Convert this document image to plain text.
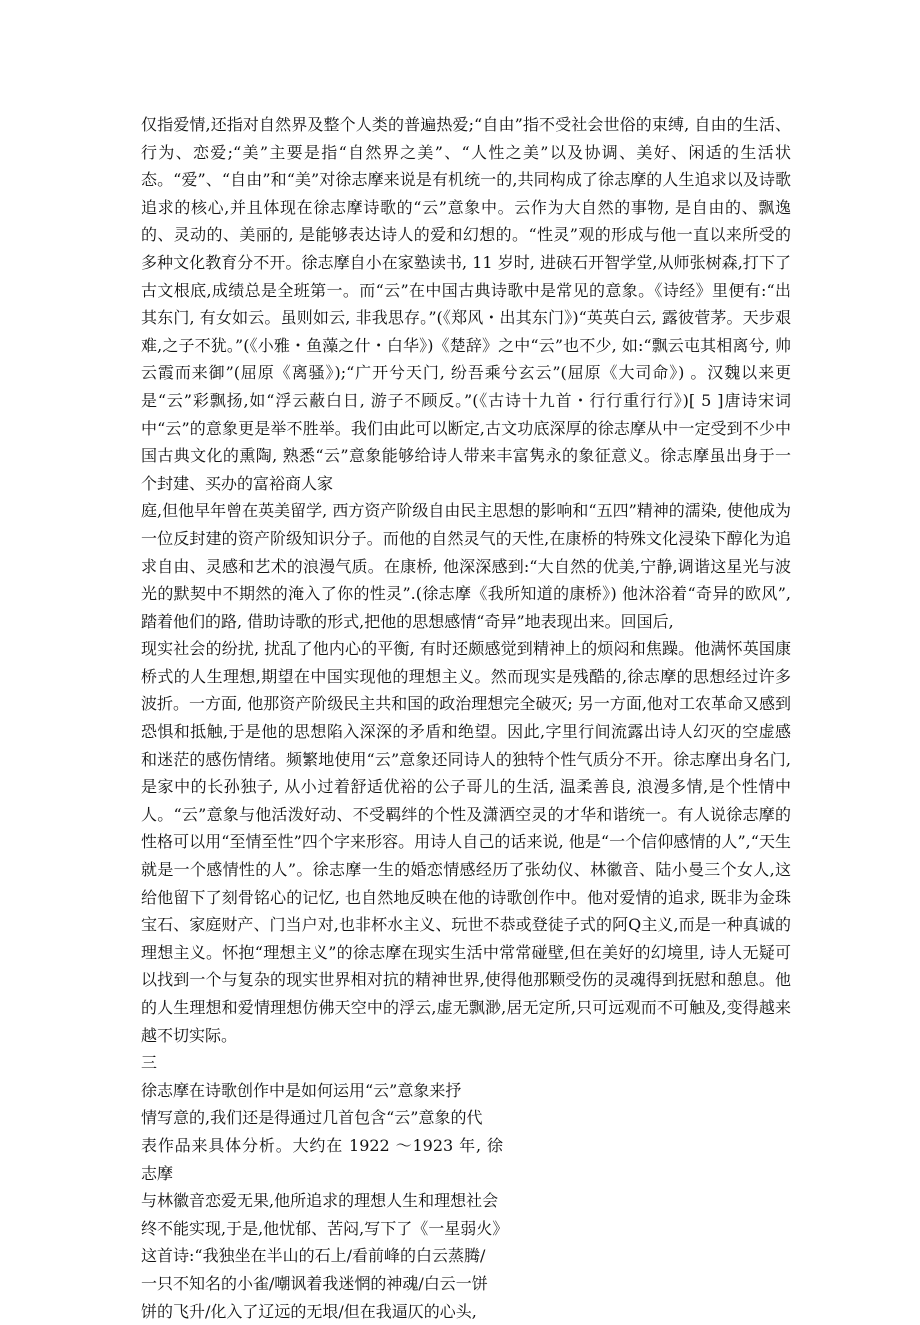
仅指爱情,还指对自然界及整个人类的普遍热爱;“自由”指不受社会世俗的束缚, 自由的生活、行为、恋爱;“美”主要是指“自然界之美”、“人性之美”以及协调、美好、闲适的生活状态。“爱”、“自由”和“美”对徐志摩来说是有机统一的,共同构成了徐志摩的人生追求以及诗歌追求的核心,并且体现在徐志摩诗歌的“云”意象中。云作为大自然的事物, 是自由的、飘逸的、灵动的、美丽的, 是能够表达诗人的爱和幻想的。“性灵”观的形成与他一直以来所受的多种文化教育分不开。徐志摩自小在家塾读书, 11 岁时, 进硖石开智学堂,从师张树森,打下了古文根底,成绩总是全班第一。而“云”在中国古典诗歌中是常见的意象。《诗经》里便有:“出其东门, 有女如云。虽则如云, 非我思存。”(《郑风・出其东门》)“英英白云, 露彼菅茅。天步艰难,之子不犹。”(《小雅・鱼藻之什・白华》)《楚辞》之中“云”也不少, 如:“飘云屯其相离兮, 帅云霞而来御”(屈原《离骚》);“广开兮天门, 纷吾乘兮玄云”(屈原《大司命》) 。汉魏以来更是“云”彩飘扬,如“浮云蔽白日, 游子不顾反。”(《古诗十九首・行行重行行》)[ 5 ]唐诗宋词中“云”的意象更是举不胜举。我们由此可以断定,古文功底深厚的徐志摩从中一定受到不少中国古典文化的熏陶, 熟悉“云”意象能够给诗人带来丰富隽永的象征意义。徐志摩虽出身于一个封建、买办的富裕商人家

庭,但他早年曾在英美留学, 西方资产阶级自由民主思想的影响和“五四”精神的濡染, 使他成为一位反封建的资产阶级知识分子。而他的自然灵气的天性,在康桥的特殊文化浸染下醇化为追求自由、灵感和艺术的浪漫气质。在康桥, 他深深感到:“大自然的优美,宁静,调谐这星光与波光的默契中不期然的淹入了你的性灵”.(徐志摩《我所知道的康桥》) 他沐浴着“奇异的欧风”, 踏着他们的路, 借助诗歌的形式,把他的思想感情“奇异”地表现出来。回国后,

现实社会的纷扰, 扰乱了他内心的平衡, 有时还颇感觉到精神上的烦闷和焦躁。他满怀英国康桥式的人生理想,期望在中国实现他的理想主义。然而现实是残酷的,徐志摩的思想经过许多波折。一方面, 他那资产阶级民主共和国的政治理想完全破灭; 另一方面,他对工农革命又感到恐惧和抵触,于是他的思想陷入深深的矛盾和绝望。因此,字里行间流露出诗人幻灭的空虚感和迷茫的感伤情绪。频繁地使用“云”意象还同诗人的独特个性气质分不开。徐志摩出身名门, 是家中的长孙独子, 从小过着舒适优裕的公子哥儿的生活, 温柔善良, 浪漫多情,是个性情中人。“云”意象与他活泼好动、不受羁绊的个性及潇洒空灵的才华和谐统一。有人说徐志摩的性格可以用“至情至性”四个字来形容。用诗人自己的话来说, 他是“一个信仰感情的人”,“天生就是一个感情性的人”。徐志摩一生的婚恋情感经历了张幼仪、林徽音、陆小曼三个女人,这给他留下了刻骨铭心的记忆, 也自然地反映在他的诗歌创作中。他对爱情的追求, 既非为金珠宝石、家庭财产、门当户对,也非杯水主义、玩世不恭或登徒子式的阿Q主义,而是一种真诚的理想主义。怀抱“理想主义”的徐志摩在现实生活中常常碰壁,但在美好的幻境里, 诗人无疑可以找到一个与复杂的现实世界相对抗的精神世界,使得他那颗受伤的灵魂得到抚慰和憩息。他的人生理想和爱情理想仿佛天空中的浮云,虚无飘渺,居无定所,只可远观而不可触及,变得越来越不切实际。

三

徐志摩在诗歌创作中是如何运用“云”意象来抒

情写意的,我们还是得通过几首包含“云”意象的代

表作品来具体分析。大约在 1922 ～1923 年, 徐志摩

与林徽音恋爱无果,他所追求的理想人生和理想社会

终不能实现,于是,他忧郁、苦闷,写下了《一星弱火》

这首诗:“我独坐在半山的石上/看前峰的白云蒸腾/

一只不知名的小雀/嘲讽着我迷惘的神魂/白云一饼

饼的飞升/化入了辽远的无垠/但在我逼仄的心头,
